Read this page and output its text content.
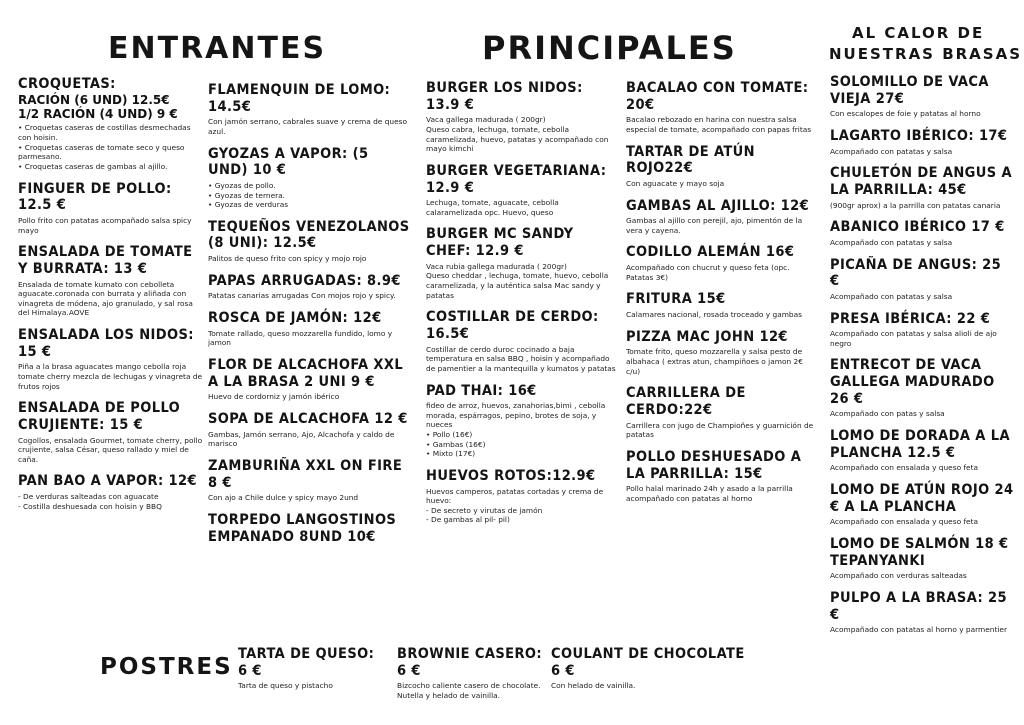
ENTRANTES	PRINCIPALES	AL CALOR DE
NUESTRAS BRASAS
POSTRES
CROQUETAS:
RACIÓN (6 UND) 12.5€
1/2 RACIÓN (4 UND) 9 €
• Croquetas caseras de costillas desmechadas con hoisin.
• Croquetas caseras de tomate seco y queso parmesano.
• Croquetas caseras de gambas al ajillo.
FINGUER DE POLLO: 12.5 €
Pollo frito con patatas acompañado salsa spicy mayo
ENSALADA DE TOMATE Y BURRATA: 13 €
Ensalada de tomate kumato con cebolleta aguacate.coronada con burrata y aliñada con vinagreta de módena, ajo granulado, y sal rosa del Himalaya.AOVE
ENSALADA LOS NIDOS: 15 €
Piña a la brasa aguacates mango cebolla roja tomate cherry mezcla de lechugas y vinagreta de frutos rojos
ENSALADA DE POLLO CRUJIENTE: 15 €
Cogollos, ensalada Gourmet, tomate cherry, pollo crujiente, salsa César, queso rallado y miel de caña.
PAN BAO A VAPOR: 12€
- De verduras salteadas con aguacate
- Costilla deshuesada con hoisin y BBQ
FLAMENQUIN DE LOMO: 14.5€
Con jamón serrano, cabrales suave y crema de queso azul.
GYOZAS A VAPOR: (5 UND) 10 €
• Gyozas de pollo.
• Gyozas de ternera.
• Gyozas de verduras
TEQUEÑOS VENEZOLANOS (8 UNI): 12.5€
Palitos de queso frito con spicy y mojo rojo
PAPAS ARRUGADAS: 8.9€
Patatas canarias arrugadas Con mojos rojo y spicy.
ROSCA DE JAMÓN: 12€
Tomate rallado, queso mozzarella fundido, lomo y jamon
FLOR DE ALCACHOFA XXL A LA BRASA 2 UNI 9 €
Huevo de cordorniz y jamón ibérico
SOPA DE ALCACHOFA 12 €
Gambas, Jamón serrano, Ajo, Alcachofa y caldo de marisco
ZAMBURIÑA XXL ON FIRE 8 €
Con ajo a Chile dulce y spicy mayo 2und
TORPEDO LANGOSTINOS EMPANADO 8UND 10€
BURGER LOS NIDOS: 13.9 €
Vaca gallega madurada ( 200gr)
Queso cabra, lechuga, tomate, cebolla caramelizada, huevo, patatas y acompañado con mayo kimchi
BURGER VEGETARIANA: 12.9 €
Lechuga, tomate, aguacate, cebolla calaramelizada opc. Huevo, queso
BURGER MC SANDY CHEF: 12.9 €
Vaca rubia gallega madurada ( 200gr)
Queso cheddar , lechuga, tomate, huevo, cebolla caramelizada, y la auténtica salsa Mac sandy y patatas
COSTILLAR DE CERDO: 16.5€
Costillar de cerdo duroc cocinado a baja temperatura en salsa BBQ , hoisin y acompañado de pamentier a la mantequilla y kumatos y patatas
PAD THAI: 16€
fideo de arroz, huevos, zanahorias,bimi , cebolla morada, espárragos, pepino, brotes de soja, y nueces
• Pollo (16€)
• Gambas (16€)
• Mixto (17€)
HUEVOS ROTOS:12.9€
Huevos camperos, patatas cortadas y crema de huevo:
- De secreto y virutas de jamón
- De gambas al pil- pil)
BACALAO CON TOMATE: 20€
Bacalao rebozado en harina con nuestra salsa especial de tomate, acompañado con papas fritas
TARTAR DE ATÚN ROJO22€
Con aguacate y mayo soja
GAMBAS AL AJILLO: 12€
Gambas al ajillo con perejil, ajo, pimentón de la vera y cayena.
CODILLO ALEMÁN 16€
Acompañado con chucrut y queso feta (opc. Patatas 3€)
FRITURA 15€
Calamares nacional, rosada troceado y gambas
PIZZA MAC JOHN 12€
Tomate frito, queso mozzarella y salsa pesto de albahaca ( extras atun, champiñoes o jamon 2€ c/u)
CARRILLERA DE CERDO:22€
Carrillera con jugo de Champioñes y guarnición de patatas
POLLO DESHUESADO A LA PARRILLA: 15€
Pollo halal marinado 24h y asado a la parrilla acompañado con patatas al horno
SOLOMILLO DE VACA VIEJA 27€
Con escalopes de foie y patatas al horno
LAGARTO IBÉRICO: 17€
Acompañado con patatas y salsa
CHULETÓN DE ANGUS A LA PARRILLA: 45€
(900gr aprox) a la parrilla con patatas canaria
ABANICO IBÉRICO 17 €
Acompañado con patatas y salsa
PICAÑA DE ANGUS: 25 €
Acompañado con patatas y salsa
PRESA IBÉRICA: 22 €
Acompañado con patatas y salsa alioli de ajo negro
ENTRECOT DE VACA GALLEGA MADURADO 26 €
Acompañado con patas y salsa
LOMO DE DORADA A LA PLANCHA 12.5 €
Acompañado con ensalada y queso feta
LOMO DE ATÚN ROJO 24 € A LA PLANCHA
Acompañado con ensalada y queso feta
LOMO DE SALMÓN 18 € TEPANYANKI
Acompañado con verduras salteadas
PULPO A LA BRASA: 25 €
Acompañado con patatas al horno y parmentier
TARTA DE QUESO: 6 €
Tarta de queso y pistacho
BROWNIE CASERO: 6 €
Bizcocho caliente casero de chocolate.
Nutella y helado de vainilla.
COULANT DE CHOCOLATE 6 €
Con helado de vainilla.
